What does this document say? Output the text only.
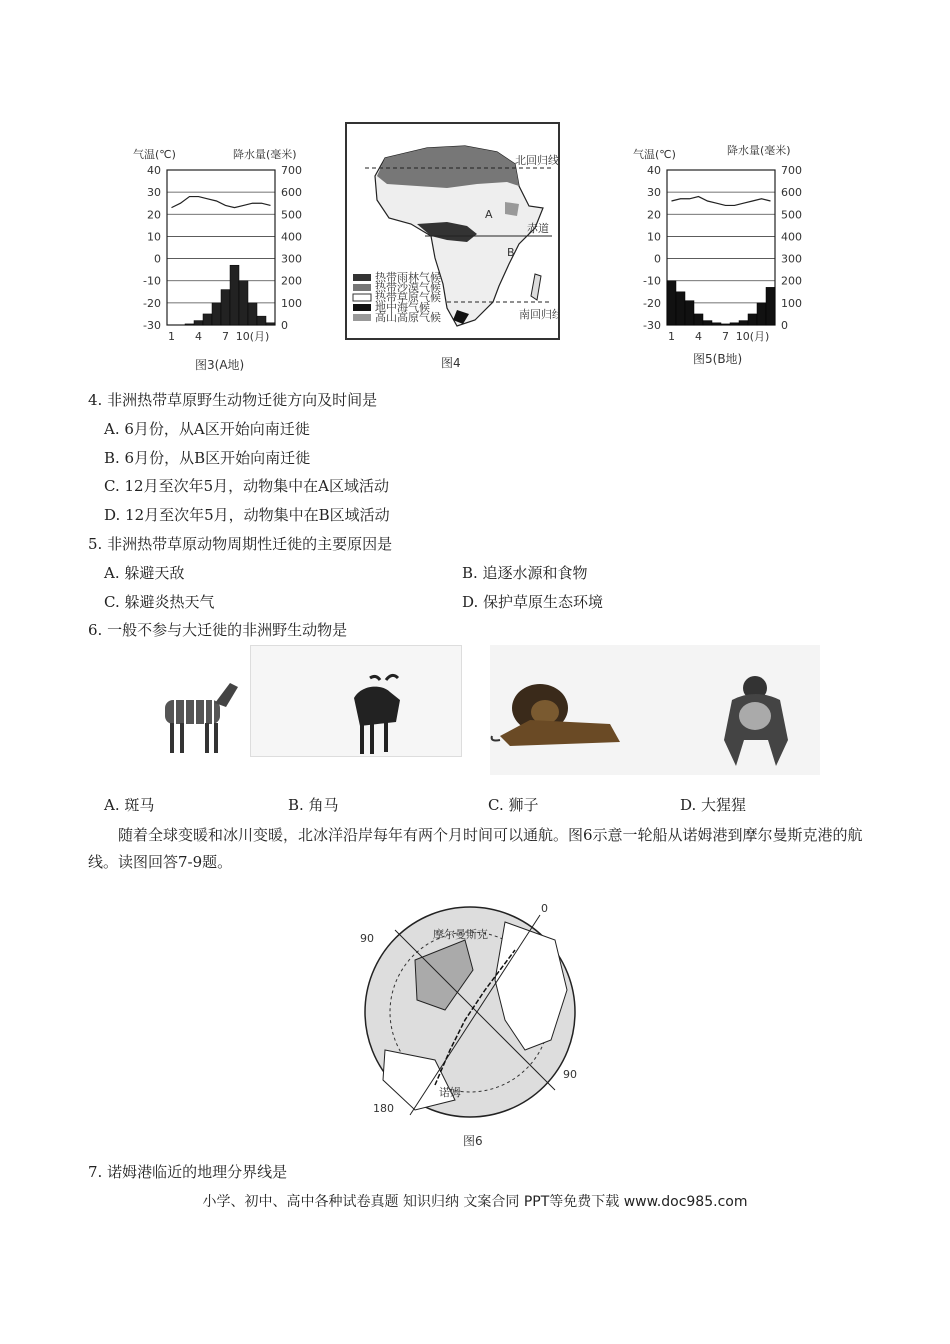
气温(℃)	降水量(毫米)
40	700
30	600
20	500
10	400
0	300
-10	200
-20	100
-30	0
1 4 7 10(月)
图3(A地)
北回归线
赤道
南回归线
A
B
热带雨林气候
热带沙漠气候
热带草原气候
地中海气候
高山高原气候
图4
气温(℃)	降水量(毫米)
40	700
30	600
20	500
10	400
0	300
-10	200
-20	100
-30	0
1 4 7 10(月)
图5(B地)
4. 非洲热带草原野生动物迁徙方向及时间是
A. 6月份，从A区开始向南迁徙
B. 6月份，从B区开始向南迁徙
C. 12月至次年5月，动物集中在A区域活动
D. 12月至次年5月，动物集中在B区域活动
5. 非洲热带草原动物周期性迁徙的主要原因是
A. 躲避天敌	B. 追逐水源和食物
C. 躲避炎热天气	D. 保护草原生态环境
6. 一般不参与大迁徙的非洲野生动物是
A. 斑马	B. 角马	C. 狮子	D. 大猩猩
随着全球变暖和冰川变暖，北冰洋沿岸每年有两个月时间可以通航。图6示意一轮船从诺姆港到摩尔曼斯克港的航线。读图回答7-9题。
0
90
90
180
摩尔曼斯克
诺姆
图6
7. 诺姆港临近的地理分界线是
小学、初中、高中各种试卷真题 知识归纳 文案合同 PPT等免费下载 www.doc985.com
